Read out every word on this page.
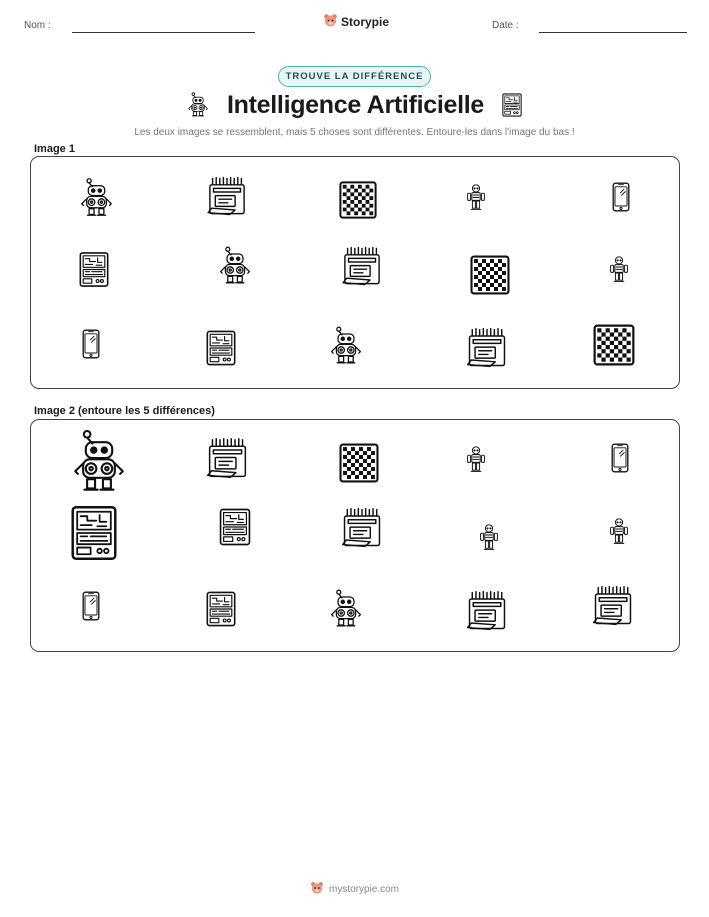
Nom :	Storypie	Date :
TROUVE LA DIFFÉRENCE
Intelligence Artificielle
Les deux images se ressemblent, mais 5 choses sont différentes. Entoure-les dans l'image du bas !
Image 1
Image 2 (entoure les 5 différences)
mystorypie.com
